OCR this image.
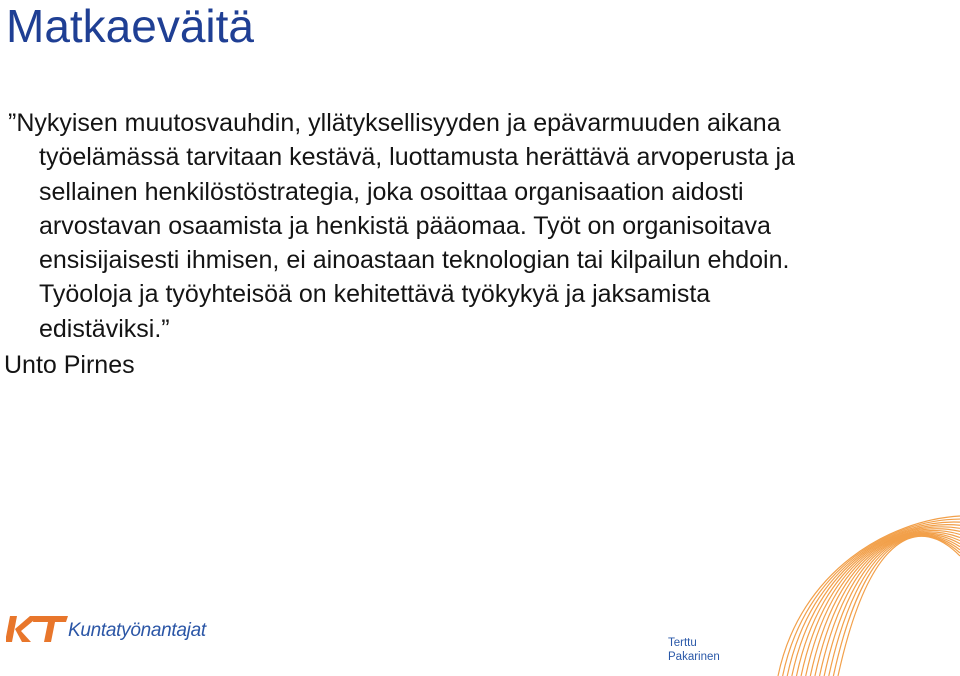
Matkaeväitä
”Nykyisen muutosvauhdin, yllätyksellisyyden ja epävarmuuden aikana
työelämässä tarvitaan kestävä, luottamusta herättävä arvoperusta ja
sellainen henkilöstöstrategia, joka osoittaa organisaation aidosti
arvostavan osaamista ja henkistä pääomaa. Työt on organisoitava
ensisijaisesti ihmisen, ei ainoastaan teknologian tai kilpailun ehdoin.
Työoloja ja työyhteisöä on kehitettävä työkykyä ja jaksamista
edistäviksi.”
Unto Pirnes
Kuntatyönantajat
Terttu
Pakarinen
